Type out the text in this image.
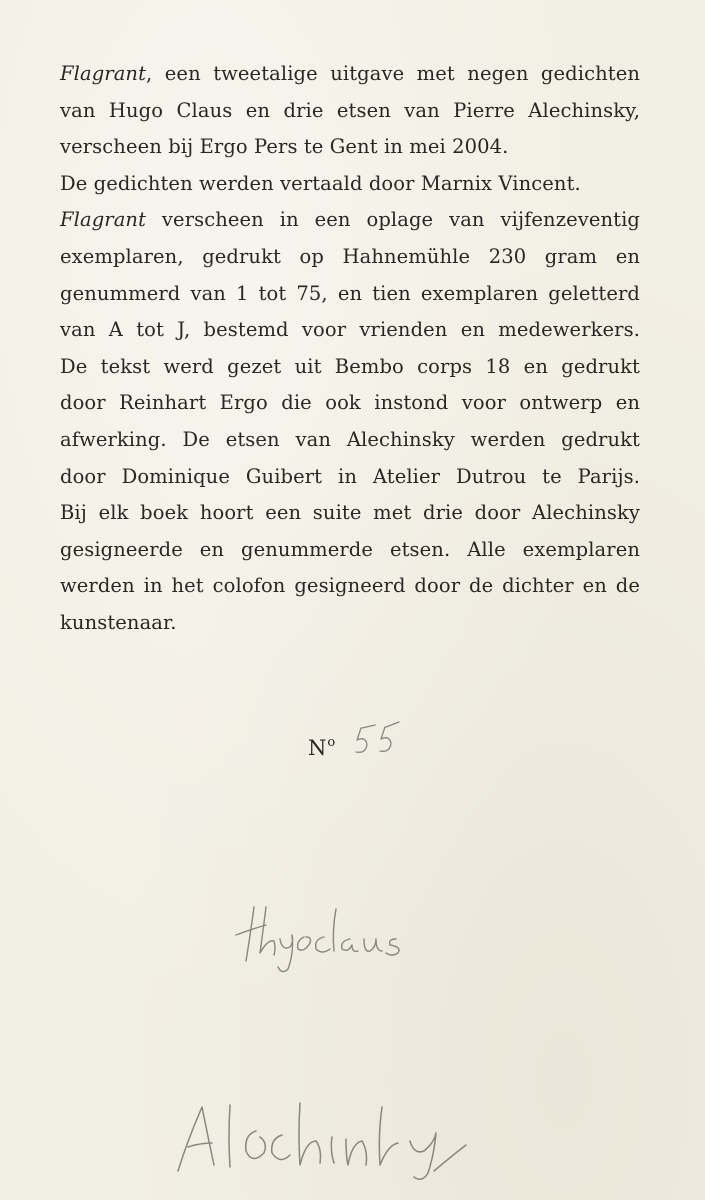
Flagrant, een tweetalige uitgave met negen gedichten
van Hugo Claus en drie etsen van Pierre Alechinsky,
verscheen bij Ergo Pers te Gent in mei 2004.
De gedichten werden vertaald door Marnix Vincent.
Flagrant verscheen in een oplage van vijfenzeventig
exemplaren, gedrukt op Hahnemühle 230 gram en
genummerd van 1 tot 75, en tien exemplaren geletterd
van A tot J, bestemd voor vrienden en medewerkers.
De tekst werd gezet uit Bembo corps 18 en gedrukt
door Reinhart Ergo die ook instond voor ontwerp en
afwerking. De etsen van Alechinsky werden gedrukt
door Dominique Guibert in Atelier Dutrou te Parijs.
Bij elk boek hoort een suite met drie door Alechinsky
gesigneerde en genummerde etsen. Alle exemplaren
werden in het colofon gesigneerd door de dichter en de
kunstenaar.
N o
